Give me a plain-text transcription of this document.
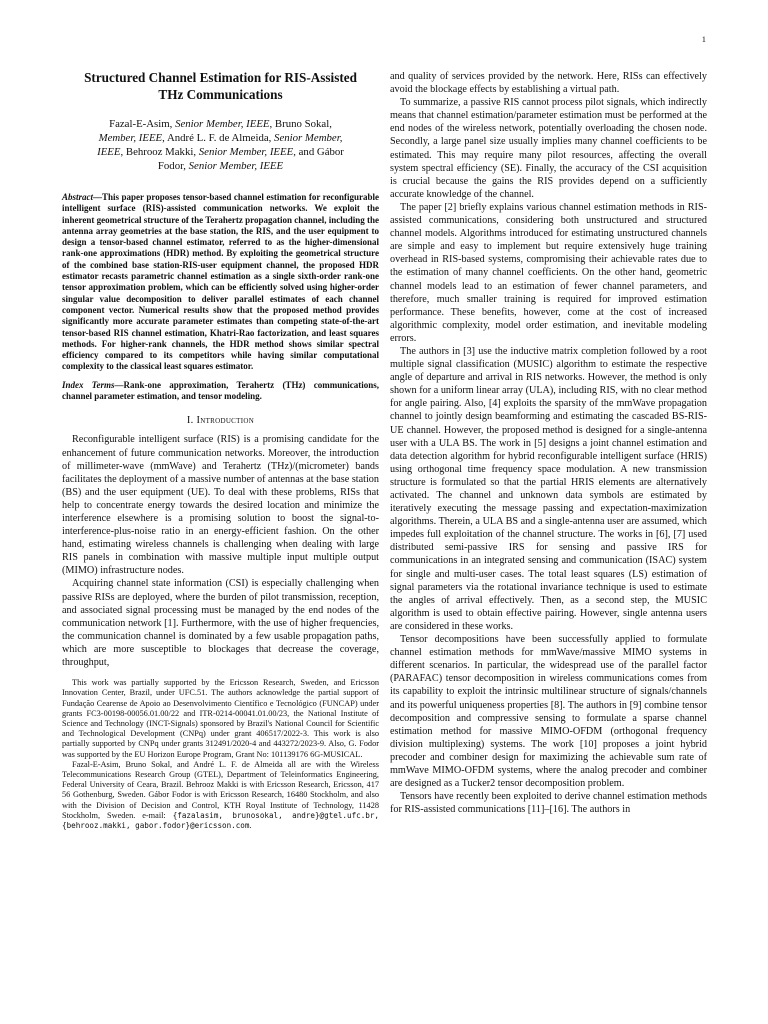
1
Structured Channel Estimation for RIS-Assisted THz Communications
Fazal-E-Asim, Senior Member, IEEE, Bruno Sokal, Member, IEEE, André L. F. de Almeida, Senior Member, IEEE, Behrooz Makki, Senior Member, IEEE, and Gábor Fodor, Senior Member, IEEE
Abstract—This paper proposes tensor-based channel estimation for reconfigurable intelligent surface (RIS)-assisted communication networks. We exploit the inherent geometrical structure of the Terahertz propagation channel, including the antenna array geometries at the base station, the RIS, and the user equipment to design a tensor-based channel estimator, referred to as the higher-dimensional rank-one approximations (HDR) method. By exploiting the geometrical structure of the combined base station-RIS-user equipment channel, the proposed HDR estimator recasts parametric channel estimation as a single sixth-order rank-one tensor approximation problem, which can be efficiently solved using higher-order singular value decomposition to deliver parallel estimates of each channel component vector. Numerical results show that the proposed method provides significantly more accurate parameter estimates than competing state-of-the-art tensor-based RIS channel estimation, Khatri-Rao factorization, and least squares methods. For higher-rank channels, the HDR method shows similar spectral efficiency compared to its competitors while having similar computational complexity to the classical least squares estimator.
Index Terms—Rank-one approximation, Terahertz (THz) communications, channel parameter estimation, and tensor modeling.
I. Introduction

Reconfigurable intelligent surface (RIS) is a promising candidate for the enhancement of future communication networks. Moreover, the introduction of millimeter-wave (mmWave) and Terahertz (THz)/(micrometer) bands facilitates the deployment of a massive number of antennas at the base station (BS) and the user equipment (UE). To deal with these problems, RISs that help to concentrate energy towards the desired location and minimize the interference elsewhere is a promising solution to boost the signal-to-interference-plus-noise ratio in an energy-efficient fashion. On the other hand, estimating wireless channels is challenging when dealing with large RIS panels in combination with massive multiple input multiple output (MIMO) infrastructure nodes.

Acquiring channel state information (CSI) is especially challenging when passive RISs are deployed, where the burden of pilot transmission, reception, and associated signal processing must be managed by the end nodes of the communication network [1]. Furthermore, with the use of higher frequencies, the communication channel is dominated by a few usable propagation paths, which are more susceptible to blockages that decrease the coverage, throughput,

This work was partially supported by the Ericsson Research, Sweden, and Ericsson Innovation Center, Brazil, under UFC.51. The authors acknowledge the partial support of Fundação Cearense de Apoio ao Desenvolvimento Científico e Tecnológico (FUNCAP) under grants FC3-00198-00056.01.00/22 and ITR-0214-00041.01.00/23, the National Institute of Science and Technology (INCT-Signals) sponsored by Brazil's National Council for Scientific and Technological Development (CNPq) under grant 406517/2022-3. This work is also partially supported by CNPq under grants 312491/2020-4 and 443272/2023-9. Also, G. Fodor was supported by the EU Horizon Europe Program, Grant No: 101139176 6G-MUSICAL.

Fazal-E-Asim, Bruno Sokal, and André L. F. de Almeida all are with the Wireless Telecommunications Research Group (GTEL), Department of Teleinformatics Engineering, Federal University of Ceara, Brazil. Behrooz Makki is with Ericsson Research, Ericsson, 417 56 Gothenburg, Sweden. Gábor Fodor is with Ericsson Research, 16480 Stockholm, and also with the Division of Decision and Control, KTH Royal Institute of Technology, 11428 Stockholm, Sweden. e-mail: {fazalasim, brunosokal, andre}@gtel.ufc.br, {behrooz.makki, gabor.fodor}@ericsson.com.

and quality of services provided by the network. Here, RISs can effectively avoid the blockage effects by establishing a virtual path.

To summarize, a passive RIS cannot process pilot signals, which indirectly means that channel estimation/parameter estimation must be performed at the end nodes of the wireless network, potentially overloading the chosen node. Secondly, a large panel size usually implies many channel coefficients to be estimated. This may require many pilot resources, affecting the overall system spectral efficiency (SE). Finally, the accuracy of the CSI acquisition is crucial because the gains the RIS provides depend on a sufficiently accurate knowledge of the channel.

The paper [2] briefly explains various channel estimation methods in RIS-assisted communications, considering both unstructured and structured channel models. Algorithms introduced for estimating unstructured channels are simple and easy to implement but require extensively huge training overhead in RIS-based systems, compromising their achievable rates due to the estimation of many channel coefficients. On the other hand, geometric channel models lead to an estimation of fewer channel parameters, and therefore, much smaller training is required for improved estimation performance. These benefits, however, come at the cost of increased algorithmic complexity, model order estimation, and inevitable modeling errors.

The authors in [3] use the inductive matrix completion followed by a root multiple signal classification (MUSIC) algorithm to estimate the respective angle of departure and arrival in RIS networks. However, the method is only shown for a uniform linear array (ULA), including RIS, with no clear method for angle pairing. Also, [4] exploits the sparsity of the mmWave propagation channel to jointly design beamforming and estimating the cascaded BS-RIS-UE channel. However, the proposed method is designed for a single-antenna user with a ULA BS. The work in [5] designs a joint channel estimation and data detection algorithm for hybrid reconfigurable intelligent surface (HRIS) using orthogonal time frequency space modulation. A new transmission structure is formulated so that the partial HRIS elements are alternatively activated. The channel and unknown data symbols are estimated by iteratively executing the message passing and expectation-maximization algorithms. Therein, a ULA BS and a single-antenna user are assumed, which impedes full exploitation of the channel structure. The works in [6], [7] used distributed semi-passive IRS for sensing and passive IRS for communications in an integrated sensing and communication (ISAC) system for single and multi-user cases. The total least squares (LS) estimation of signal parameters via the rotational invariance technique is used to estimate the angles of arrival effectively. Then, as a second step, the MUSIC algorithm is used to obtain effective pairing. However, single antenna users are considered in these works.

Tensor decompositions have been successfully applied to formulate channel estimation methods for mmWave/massive MIMO systems in different scenarios. In particular, the widespread use of the parallel factor (PARAFAC) tensor decomposition in wireless communications comes from its capability to exploit the intrinsic multilinear structure of signals/channels and its powerful uniqueness properties [8]. The authors in [9] combine tensor decomposition and compressive sensing to formulate a sparse channel estimation method for massive MIMO-OFDM (orthogonal frequency division multiplexing) systems. The work [10] proposes a joint hybrid precoder and combiner design for maximizing the achievable sum rate of mmWave MIMO-OFDM systems, where the analog precoder and combiner are designed as a Tucker2 tensor decomposition problem.

Tensors have recently been exploited to derive channel estimation methods for RIS-assisted communications [11]–[16]. The authors in
